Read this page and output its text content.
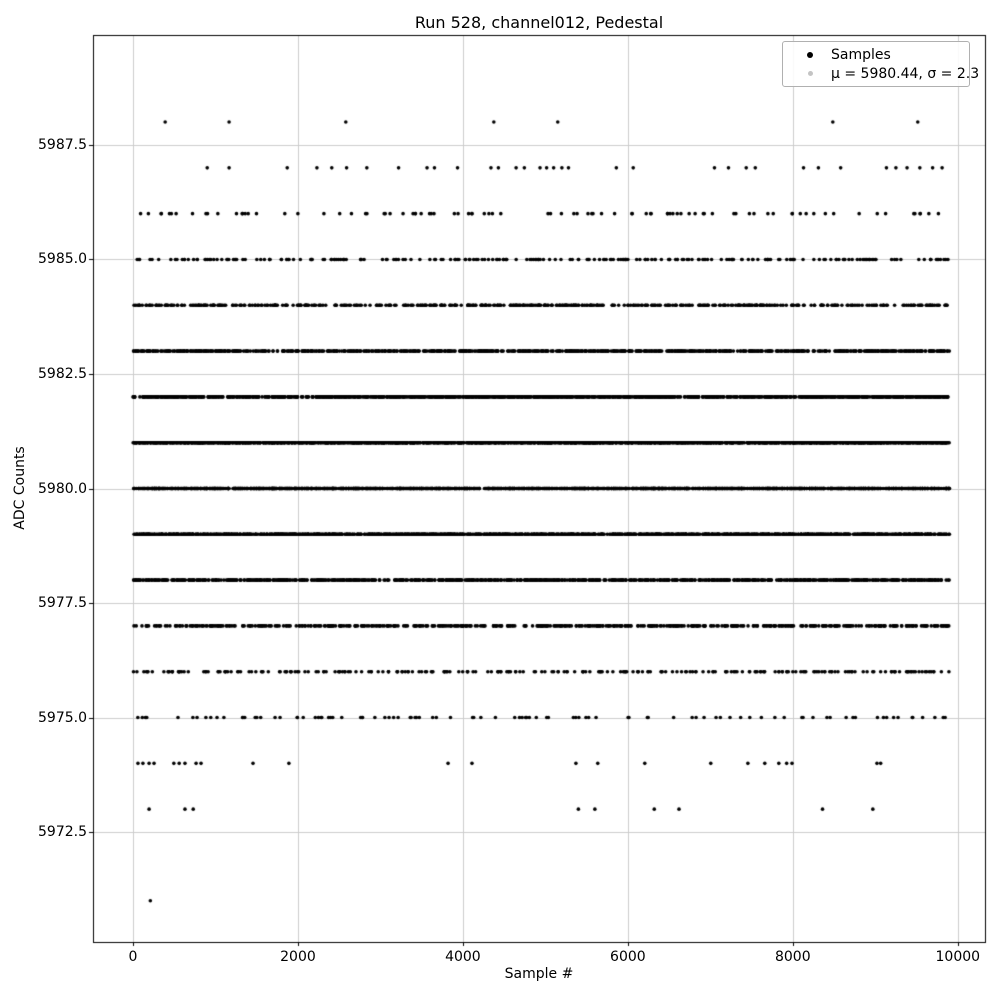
Run 528, channel012, Pedestal
Sample #
ADC Counts
Samples
μ = 5980.44, σ = 2.3
0	2000	4000	6000	8000	10000
5972.5
5975.0
5977.5
5980.0
5982.5
5985.0
5987.5
